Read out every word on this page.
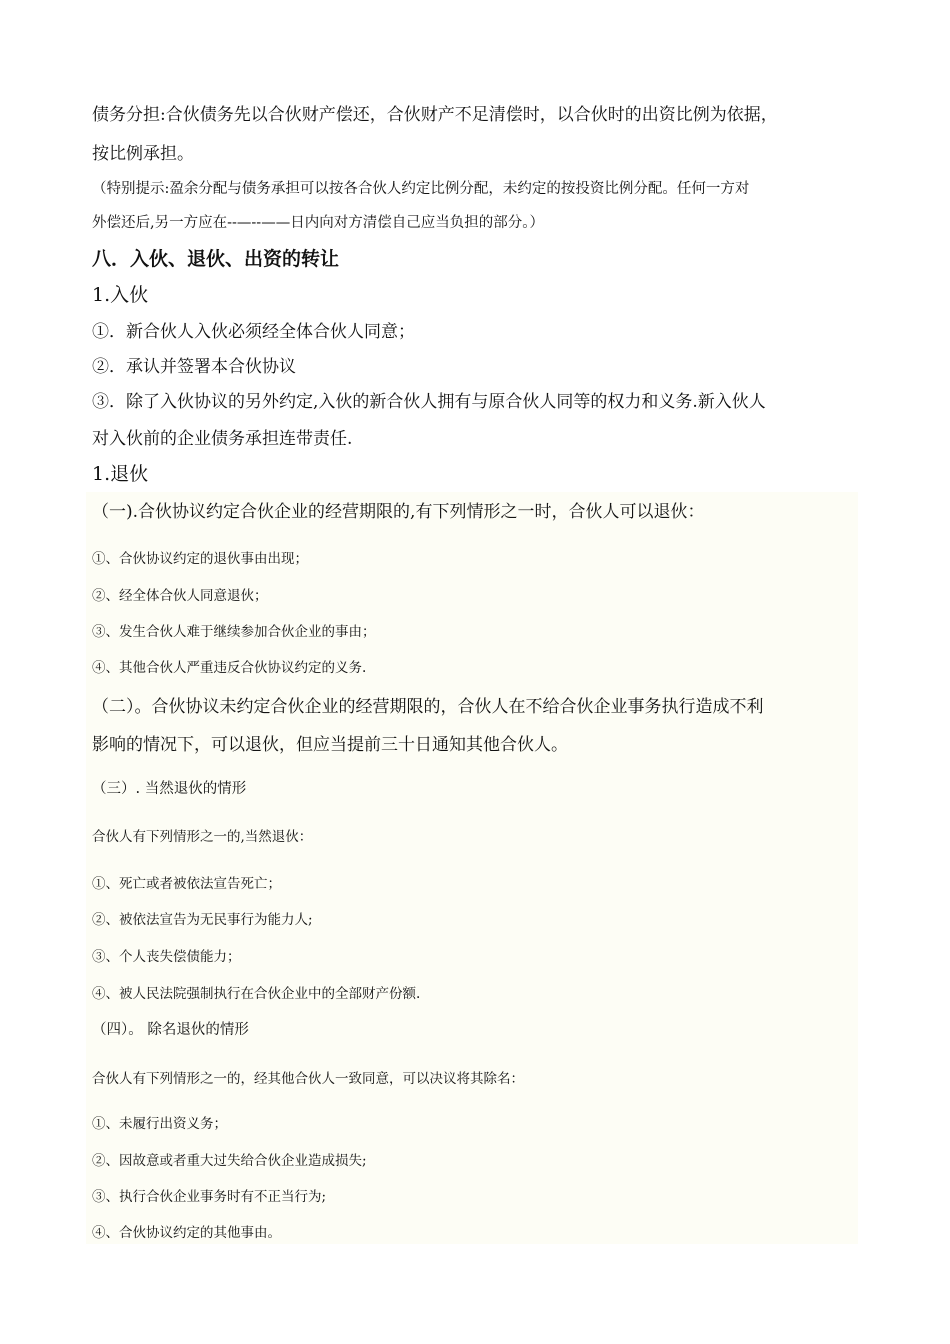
债务分担:合伙债务先以合伙财产偿还，合伙财产不足清偿时，以合伙时的出资比例为依据，
按比例承担。
（特别提示:盈余分配与债务承担可以按各合伙人约定比例分配，未约定的按投资比例分配。任何一方对
外偿还后,另一方应在--—--——日内向对方清偿自己应当负担的部分。）
八．入伙、退伙、出资的转让
1.入伙
①．新合伙人入伙必须经全体合伙人同意；
②．承认并签署本合伙协议
③．除了入伙协议的另外约定,入伙的新合伙人拥有与原合伙人同等的权力和义务.新入伙人
对入伙前的企业债务承担连带责任.
1.退伙
（一).合伙协议约定合伙企业的经营期限的,有下列情形之一时，合伙人可以退伙：
①、合伙协议约定的退伙事由出现；
②、经全体合伙人同意退伙；
③、发生合伙人难于继续参加合伙企业的事由；
④、其他合伙人严重违反合伙协议约定的义务.
（二）。合伙协议未约定合伙企业的经营期限的，合伙人在不给合伙企业事务执行造成不利
影响的情况下，可以退伙，但应当提前三十日通知其他合伙人。
（三）. 当然退伙的情形
合伙人有下列情形之一的,当然退伙：
①、死亡或者被依法宣告死亡；
②、被依法宣告为无民事行为能力人;
③、个人丧失偿债能力；
④、被人民法院强制执行在合伙企业中的全部财产份额.
（四）。 除名退伙的情形
合伙人有下列情形之一的，经其他合伙人一致同意，可以决议将其除名：
①、未履行出资义务；
②、因故意或者重大过失给合伙企业造成损失;
③、执行合伙企业事务时有不正当行为;
④、合伙协议约定的其他事由。
